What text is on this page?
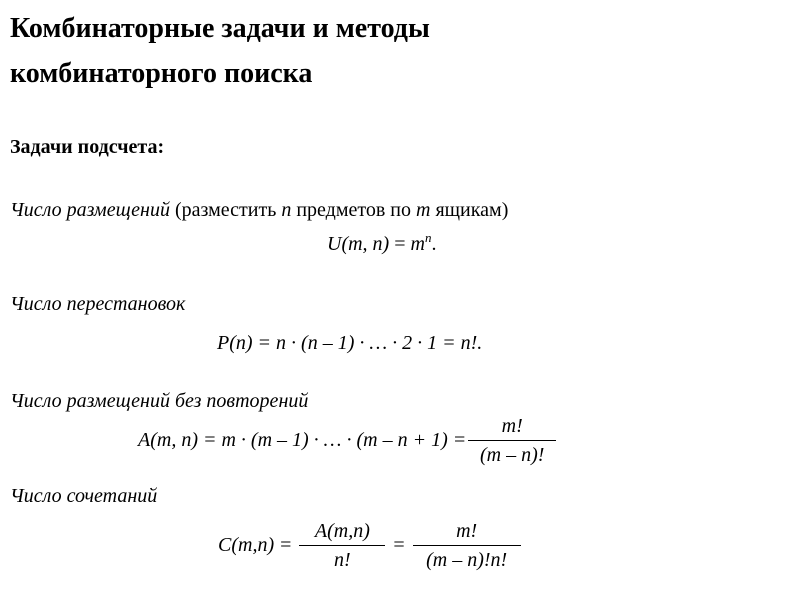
Комбинаторные задачи и методы
комбинаторного поиска
Задачи подсчета:
Число размещений (разместить n предметов по m ящикам)
U(m, $n) = m^n$.
Число перестановок
P(n) = n · (n – 1) · … · 2 · 1 = n!.
Число размещений без повторений
A(m, n) = m · (m – 1) · … · $(m - n + 1) = \frac{m!}{(m - n)!}$
Число сочетаний
$C(m,n) = \frac{A(m,n)}{n!} = \frac{m!}{(m - n)!n!}$
